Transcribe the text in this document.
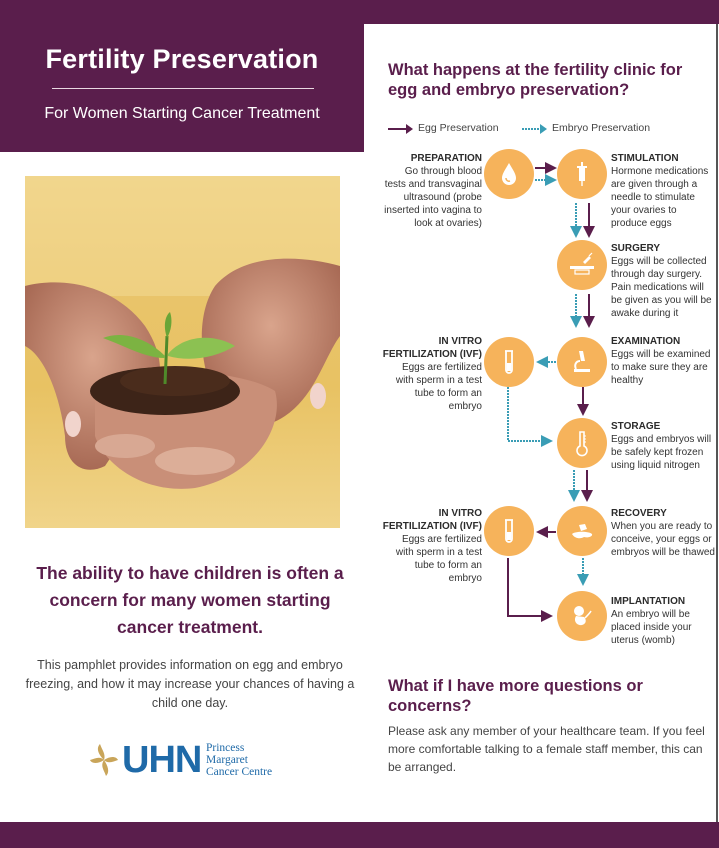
Fertility Preservation
For Women Starting Cancer Treatment
The ability to have children is often a concern for many women starting cancer treatment.
This pamphlet provides information on egg and embryo freezing, and how it may increase your chances of having a child one day.
UHN Princess
Margaret
Cancer Centre
What happens at the fertility clinic for egg and embryo preservation?
Egg Preservation	Embryo Preservation
PREPARATION
Go through blood tests and transvaginal ultrasound (probe inserted into vagina to look at ovaries)
STIMULATION
Hormone medications are given through a needle to stimulate your ovaries to produce eggs
SURGERY
Eggs will be collected through day surgery. Pain medications will be given as you will be awake during it
EXAMINATION
Eggs will be examined to make sure they are healthy
IN VITRO FERTILIZATION (IVF)
Eggs are fertilized with sperm in a test tube to form an embryo
STORAGE
Eggs and embryos will be safely kept frozen using liquid nitrogen
RECOVERY
When you are ready to conceive, your eggs or embryos will be thawed
IN VITRO FERTILIZATION (IVF)
Eggs are fertilized with sperm in a test tube to form an embryo
IMPLANTATION
An embryo will be placed inside your uterus (womb)
What if I have more questions or concerns?
Please ask any member of your healthcare team. If you feel more comfortable talking to a female staff member, this can be arranged.
